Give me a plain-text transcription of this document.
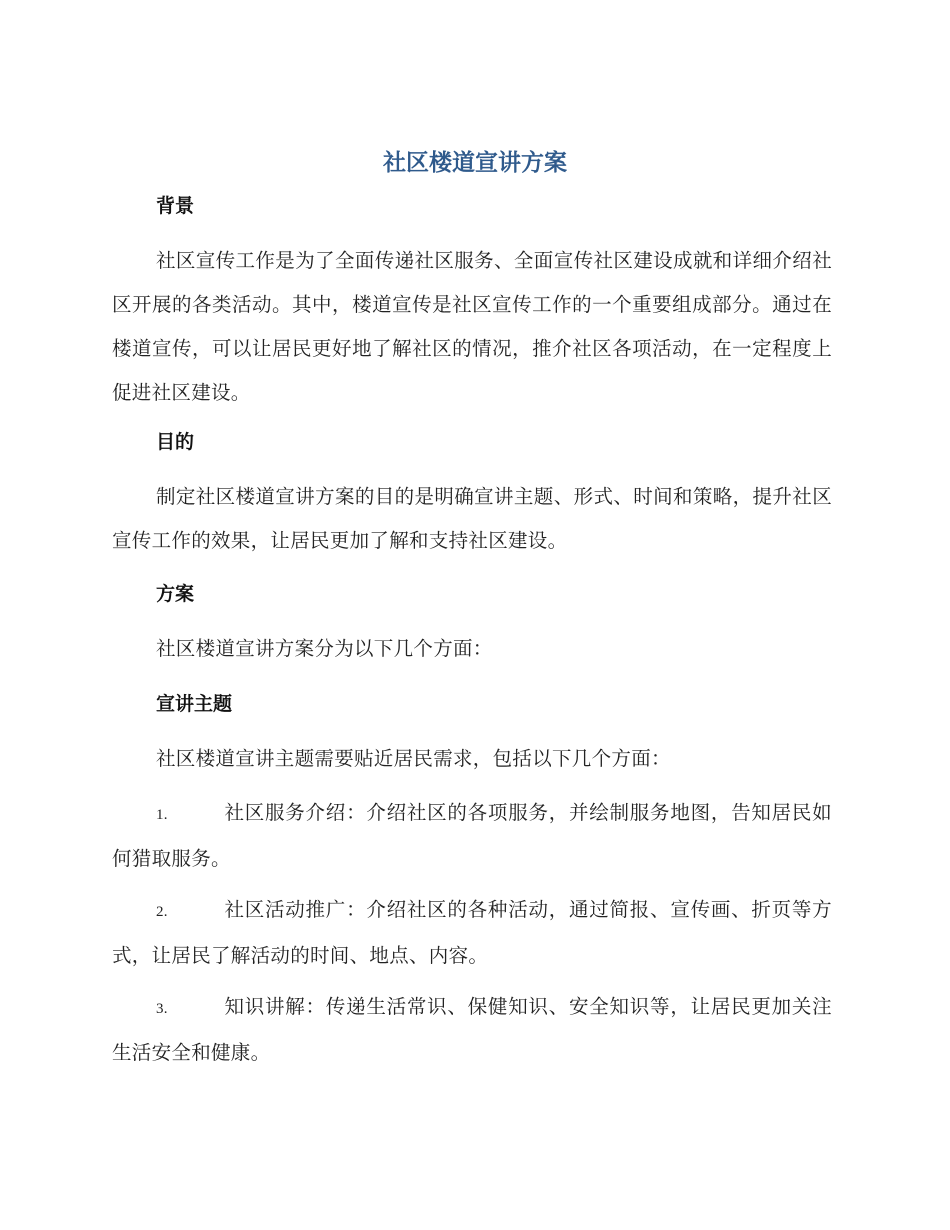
社区楼道宣讲方案
背景

社区宣传工作是为了全面传递社区服务、全面宣传社区建设成就和详细介绍社区开展的各类活动。其中，楼道宣传是社区宣传工作的一个重要组成部分。通过在楼道宣传，可以让居民更好地了解社区的情况，推介社区各项活动，在一定程度上促进社区建设。

目的

制定社区楼道宣讲方案的目的是明确宣讲主题、形式、时间和策略，提升社区宣传工作的效果，让居民更加了解和支持社区建设。

方案

社区楼道宣讲方案分为以下几个方面：

宣讲主题

社区楼道宣讲主题需要贴近居民需求，包括以下几个方面：

1.	社区服务介绍：介绍社区的各项服务，并绘制服务地图，告知居民如何猎取服务。

2.	社区活动推广：介绍社区的各种活动，通过简报、宣传画、折页等方式，让居民了解活动的时间、地点、内容。

3.	知识讲解：传递生活常识、保健知识、安全知识等，让居民更加关注生活安全和健康。
